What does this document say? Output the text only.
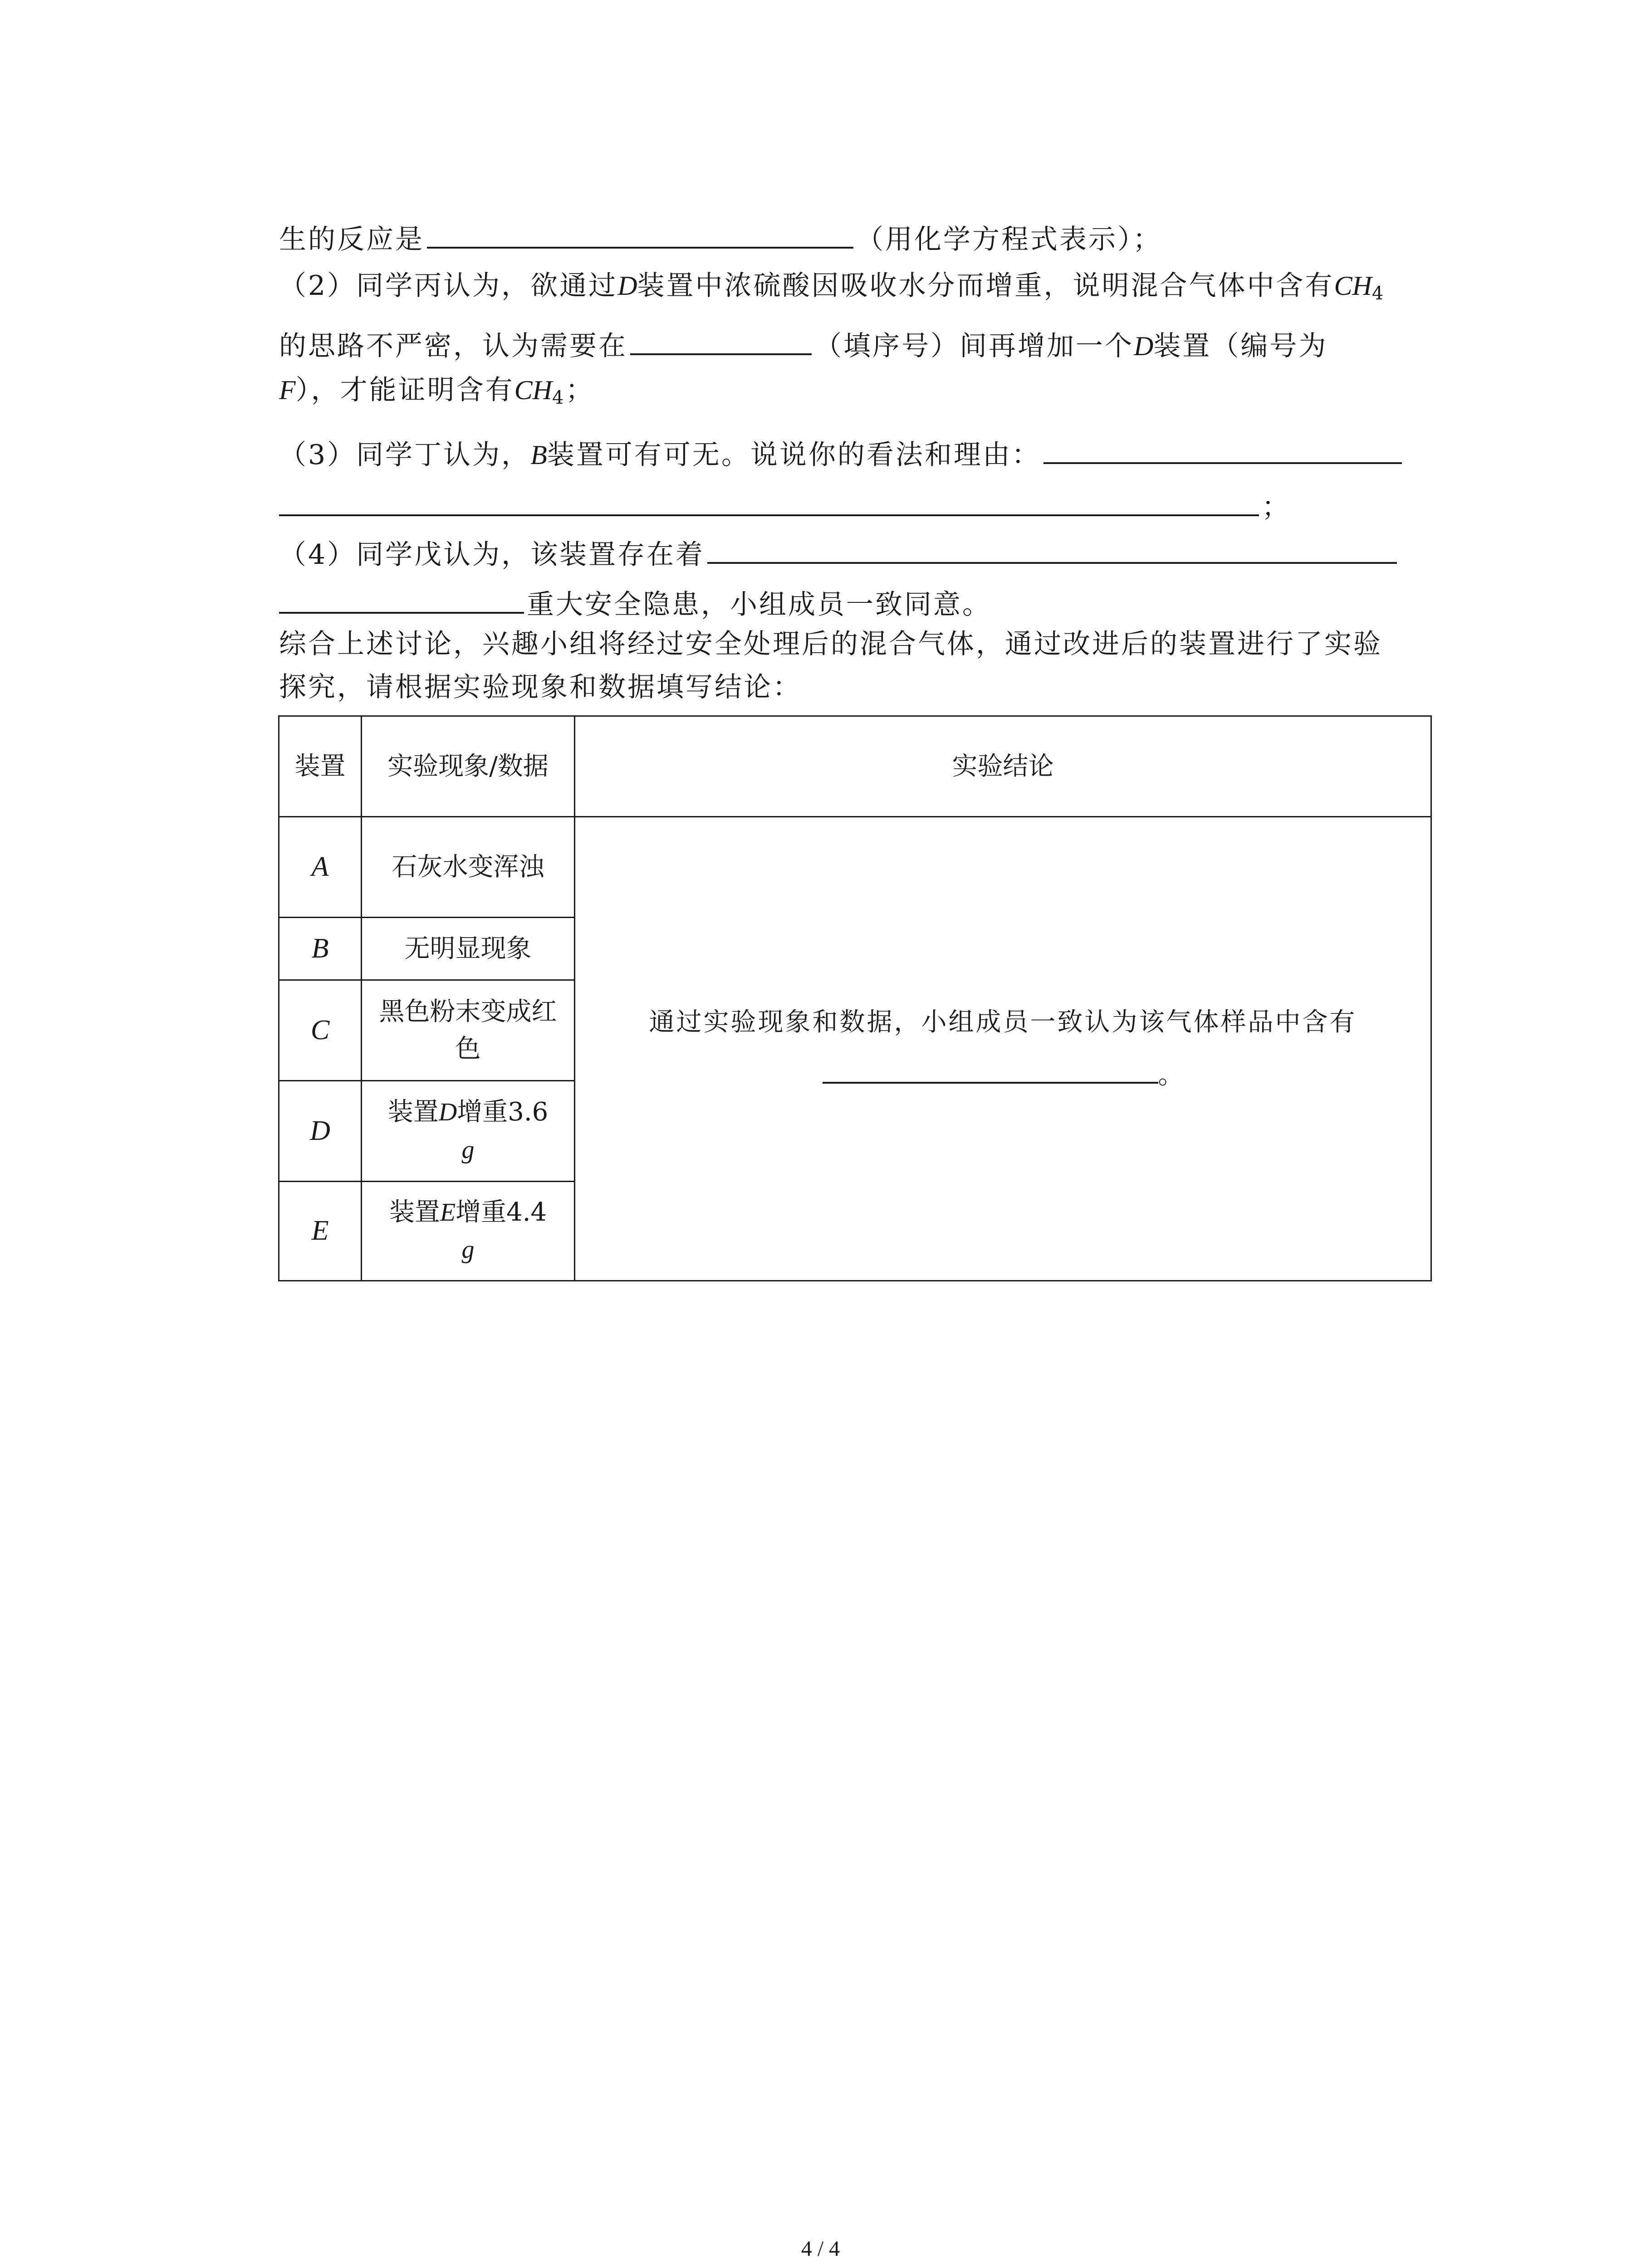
生的反应是	（用化学方程式表示）；
（2）同学丙认为，欲通过D装置中浓硫酸因吸收水分而增重，说明混合气体中含有$CH_4$
的思路不严密，认为需要在	（填序号）间再增加一个D装置（编号为
F），才能证明含有$CH_4$；
（3）同学丁认为，B装置可有可无。说说你的看法和理由：
；
（4）同学戊认为，该装置存在着
重大安全隐患，小组成员一致同意。
综合上述讨论，兴趣小组将经过安全处理后的混合气体，通过改进后的装置进行了实验
探究，请根据实验现象和数据填写结论：
装置	实验现象/数据	实验结论
A	石灰水变浑浊	通过实验现象和数据，小组成员一致认为该气体样品中含有
。
B	无明显现象	
C	黑色粉末变成红色	
D	装置D增重3.6
g	
E	装置E增重4.4
g	
4 / 4
